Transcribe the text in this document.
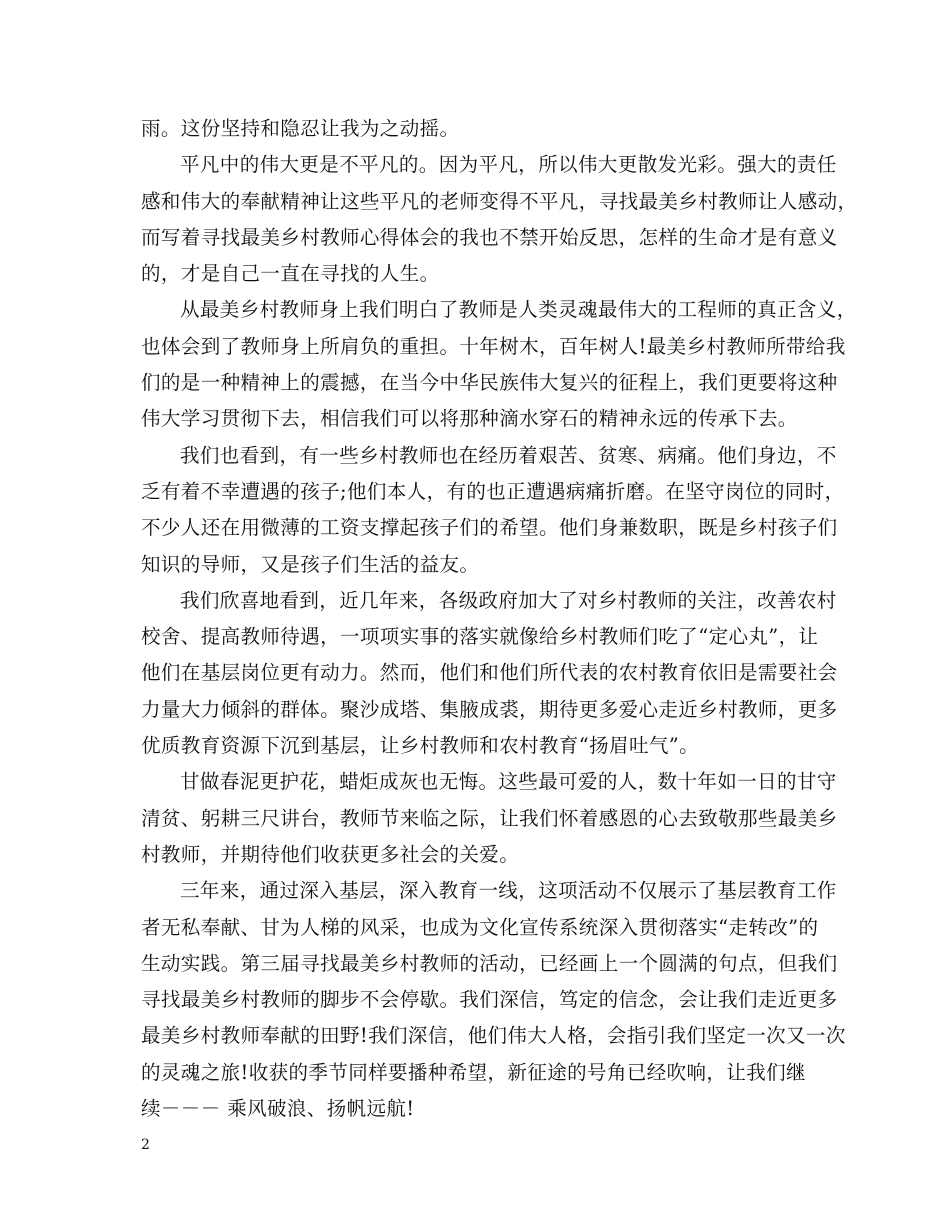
雨。这份坚持和隐忍让我为之动摇。
平凡中的伟大更是不平凡的。因为平凡，所以伟大更散发光彩。强大的责任
感和伟大的奉献精神让这些平凡的老师变得不平凡，寻找最美乡村教师让人感动，
而写着寻找最美乡村教师心得体会的我也不禁开始反思，怎样的生命才是有意义
的，才是自己一直在寻找的人生。
从最美乡村教师身上我们明白了教师是人类灵魂最伟大的工程师的真正含义，
也体会到了教师身上所肩负的重担。十年树木，百年树人!最美乡村教师所带给我
们的是一种精神上的震撼，在当今中华民族伟大复兴的征程上，我们更要将这种
伟大学习贯彻下去，相信我们可以将那种滴水穿石的精神永远的传承下去。
我们也看到，有一些乡村教师也在经历着艰苦、贫寒、病痛。他们身边，不
乏有着不幸遭遇的孩子;他们本人，有的也正遭遇病痛折磨。在坚守岗位的同时，
不少人还在用微薄的工资支撑起孩子们的希望。他们身兼数职，既是乡村孩子们
知识的导师，又是孩子们生活的益友。
我们欣喜地看到，近几年来，各级政府加大了对乡村教师的关注，改善农村
校舍、提高教师待遇，一项项实事的落实就像给乡村教师们吃了“定心丸”，让
他们在基层岗位更有动力。然而，他们和他们所代表的农村教育依旧是需要社会
力量大力倾斜的群体。聚沙成塔、集腋成裘，期待更多爱心走近乡村教师，更多
优质教育资源下沉到基层，让乡村教师和农村教育“扬眉吐气”。
甘做春泥更护花，蜡炬成灰也无悔。这些最可爱的人，数十年如一日的甘守
清贫、躬耕三尺讲台，教师节来临之际，让我们怀着感恩的心去致敬那些最美乡
村教师，并期待他们收获更多社会的关爱。
三年来，通过深入基层，深入教育一线，这项活动不仅展示了基层教育工作
者无私奉献、甘为人梯的风采，也成为文化宣传系统深入贯彻落实“走转改”的
生动实践。第三届寻找最美乡村教师的活动，已经画上一个圆满的句点，但我们
寻找最美乡村教师的脚步不会停歇。我们深信，笃定的信念，会让我们走近更多
最美乡村教师奉献的田野!我们深信，他们伟大人格，会指引我们坚定一次又一次
的灵魂之旅!收获的季节同样要播种希望，新征途的号角已经吹响，让我们继
续－－－ 乘风破浪、扬帆远航!
2
